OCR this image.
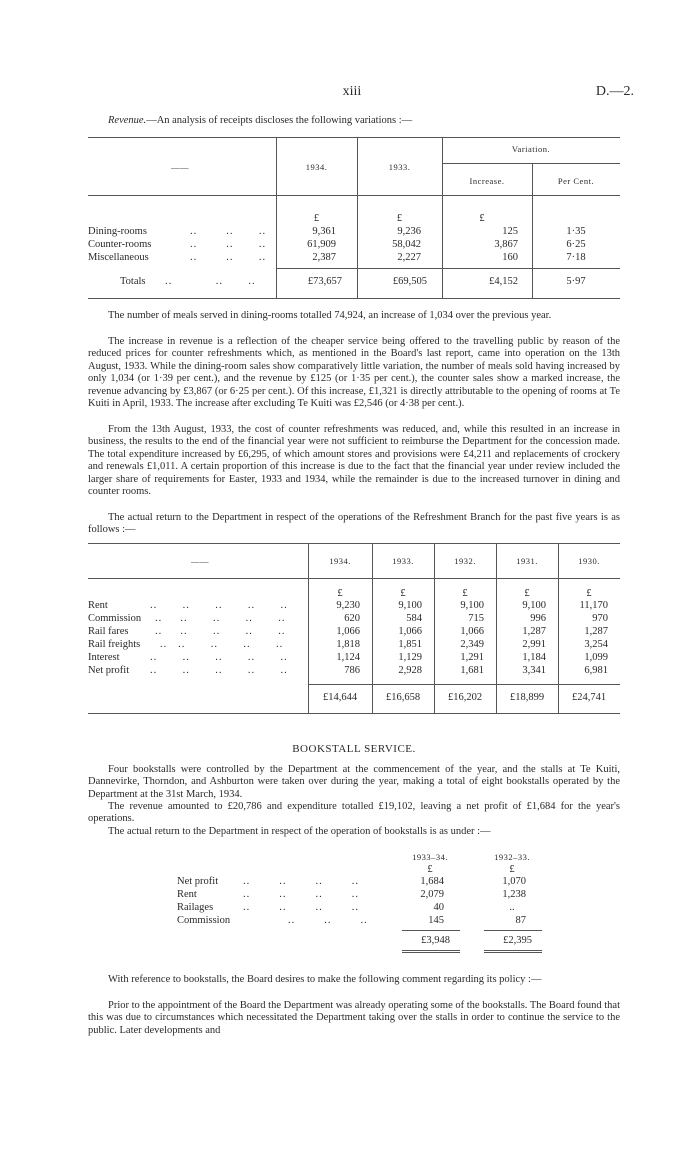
xiii	D.—2.

Revenue.—An analysis of receipts discloses the following variations :—

——	1934.	1933.
Variation.
Increase.	Per Cent.
£	£	£
Dining-rooms	..        ..       ..	9,361	9,236	125	1·35
Counter-rooms	..        ..       ..	61,909	58,042	3,867	6·25
Miscellaneous	..        ..       ..	2,387	2,227	160	7·18
Totals ..            ..       ..	£73,657	£69,505	£4,152	5·97

The number of meals served in dining-rooms totalled 74,924, an increase of 1,034 over the previous year.

The increase in revenue is a reflection of the cheaper service being offered to the travelling public by reason of the reduced prices for counter refreshments which, as mentioned in the Board's last report, came into operation on the 13th August, 1933. While the dining-room sales show comparatively little variation, the number of meals sold having increased by only 1,034 (or 1·39 per cent.), and the revenue by £125 (or 1·35 per cent.), the counter sales show a marked increase, the revenue advancing by £3,867 (or 6·25 per cent.). Of this increase, £1,321 is directly attributable to the opening of rooms at Te Kuiti in April, 1933. The increase after excluding Te Kuiti was £2,546 (or 4·38 per cent.).

From the 13th August, 1933, the cost of counter refreshments was reduced, and, while this resulted in an increase in business, the results to the end of the financial year were not sufficient to reimburse the Department for the concession made. The total expenditure increased by £6,295, of which amount stores and provisions were £4,211 and replacements of crockery and renewals £1,011. A certain proportion of this increase is due to the fact that the financial year under review included the larger share of requirements for Easter, 1933 and 1934, while the remainder is due to the increased turnover in dining and counter rooms.

The actual return to the Department in respect of the operations of the Refreshment Branch for the past five years is as follows :—

——	1934.	1933.	1932.	1931.	1930.
£	£	£	£	£
Rent	..       ..       ..       ..       ..	9,230	9,100	9,100	9,100	11,170
Commission ..     ..       ..       ..       ..	620	584	715	996	970
Rail fares	..     ..       ..       ..       ..	1,066	1,066	1,066	1,287	1,287
Rail freights ..   ..       ..       ..       ..	1,818	1,851	2,349	2,991	3,254
Interest	..       ..       ..       ..       ..	1,124	1,129	1,291	1,184	1,099
Net profit ..       ..       ..       ..       ..	786	2,928	1,681	3,341	6,981
£14,644	£16,658	£16,202	£18,899	£24,741
BOOKSTALL SERVICE.

Four bookstalls were controlled by the Department at the commencement of the year, and the stalls at Te Kuiti, Dannevirke, Thorndon, and Ashburton were taken over during the year, making a total of eight bookstalls operated by the Department at the 31st March, 1934.

The revenue amounted to £20,786 and expenditure totalled £19,102, leaving a net profit of £1,684 for the year's operations.

The actual return to the Department in respect of the operation of bookstalls is as under :—

1933–34.	1932–33.
£	£
Net profit ..        ..        ..        ..	1,684	1,070
Rent	..        ..        ..        ..	2,079	1,238
Railages	..        ..        ..        ..	40	..
Commission	..        ..        ..	145	87
£3,948	£2,395

With reference to bookstalls, the Board desires to make the following comment regarding its policy :—

Prior to the appointment of the Board the Department was already operating some of the bookstalls. The Board found that this was due to circumstances which necessitated the Department taking over the stalls in order to continue the service to the public. Later developments and
